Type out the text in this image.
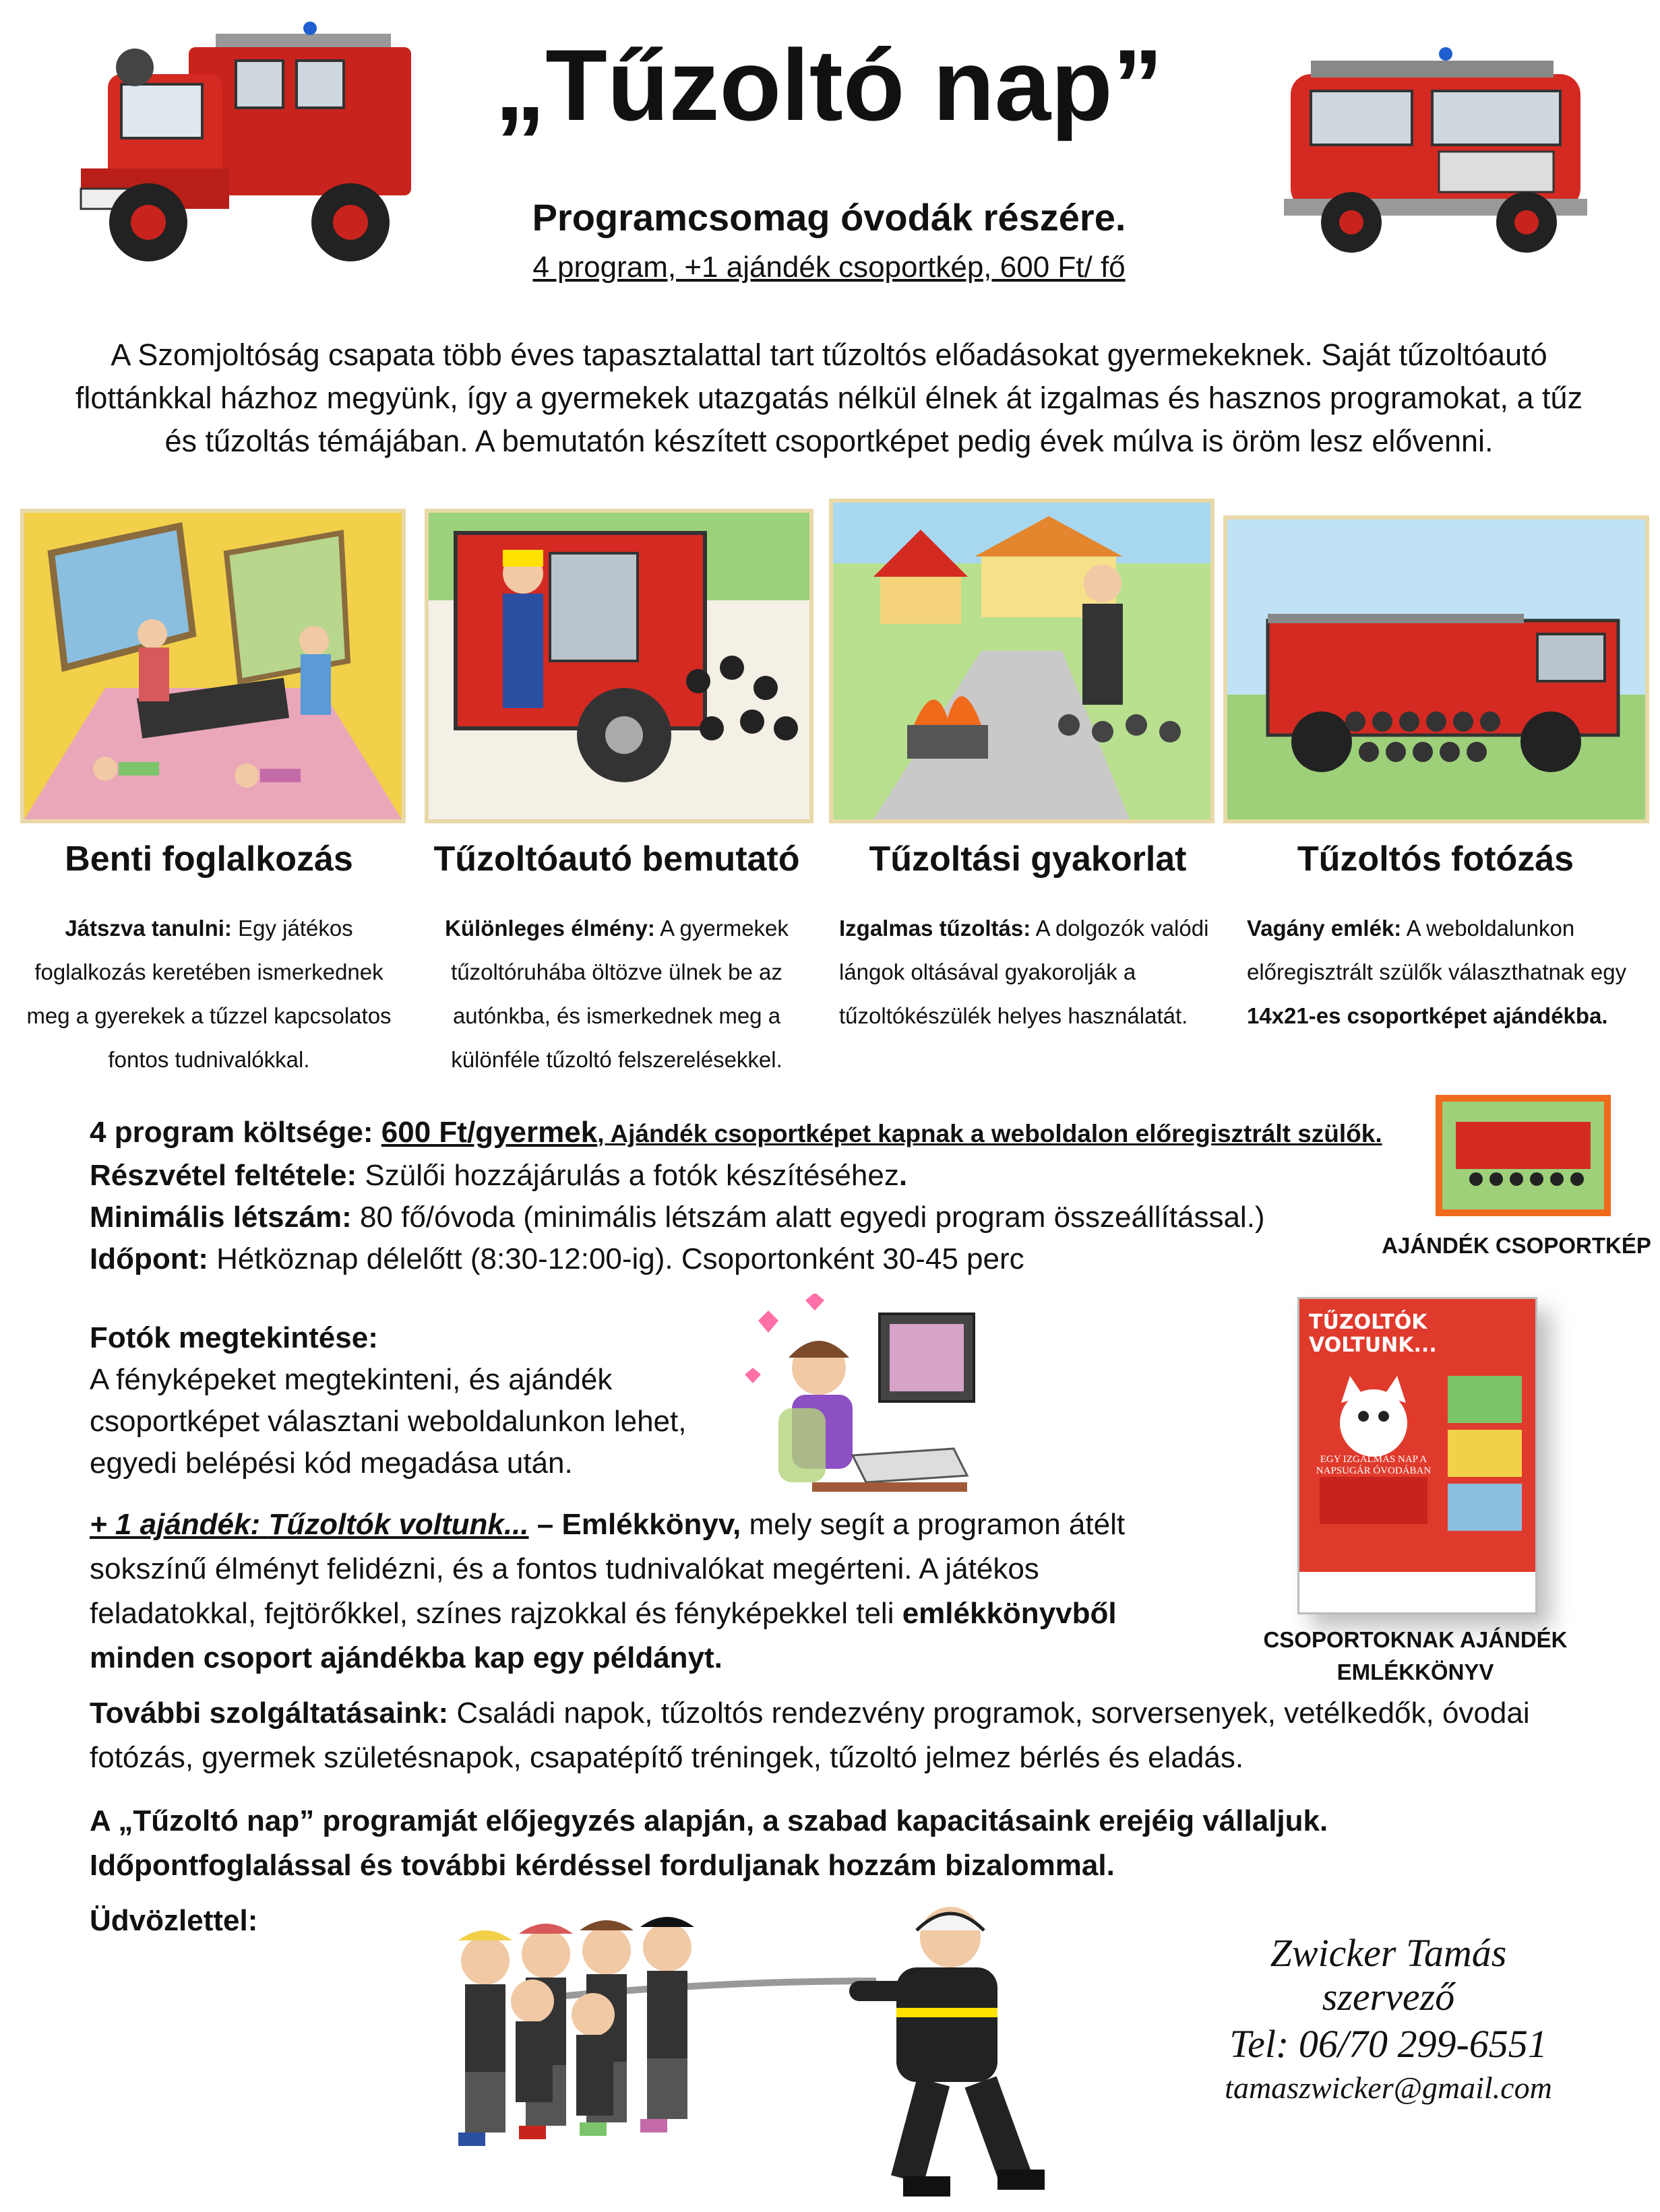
„Tűzoltó nap”
Programcsomag óvodák részére.
4 program, +1 ajándék csoportkép, 600 Ft/ fő
A Szomjoltóság csapata több éves tapasztalattal tart tűzoltós előadásokat gyermekeknek. Saját tűzoltóautó flottánkkal házhoz megyünk, így a gyermekek utazgatás nélkül élnek át izgalmas és hasznos programokat, a tűz és tűzoltás témájában. A bemutatón készített csoportképet pedig évek múlva is öröm lesz elővenni.
Benti foglalkozás	Tűzoltóautó bemutató	Tűzoltási gyakorlat	Tűzoltós fotózás
Játszva tanulni: Egy játékos foglalkozás keretében ismerkednek meg a gyerekek a tűzzel kapcsolatos fontos tudnivalókkal.
Különleges élmény: A gyermekek tűzoltóruhába öltözve ülnek be az autónkba, és ismerkednek meg a különféle tűzoltó felszerelésekkel.
Izgalmas tűzoltás: A dolgozók valódi lángok oltásával gyakorolják a tűzoltókészülék helyes használatát.
Vagány emlék: A weboldalunkon előregisztrált szülők választhatnak egy 14x21-es csoportképet ajándékba.
4 program költsége: 600 Ft/gyermek, Ajándék csoportképet kapnak a weboldalon előregisztrált szülők.
Részvétel feltétele: Szülői hozzájárulás a fotók készítéséhez.
Minimális létszám: 80 fő/óvoda (minimális létszám alatt egyedi program összeállítással.)
Időpont: Hétköznap délelőtt (8:30-12:00-ig). Csoportonként 30-45 perc	AJÁNDÉK CSOPORTKÉP
Fotók megtekintése:
A fényképeket megtekinteni, és ajándék csoportképet választani weboldalunkon lehet, egyedi belépési kód megadása után.
+ 1 ajándék: Tűzoltók voltunk... – Emlékkönyv, mely segít a programon átélt sokszínű élményt felidézni, és a fontos tudnivalókat megérteni. A játékos feladatokkal, fejtörőkkel, színes rajzokkal és fényképekkel teli emlékkönyvből minden csoport ajándékba kap egy példányt.
TŰZOLTÓK VOLTUNK...
EGY IZGALMAS NAP A NAPSUGÁR ÓVODÁBAN
CSOPORTOKNAK AJÁNDÉK EMLÉKKÖNYV
További szolgáltatásaink: Családi napok, tűzoltós rendezvény programok, sorversenyek, vetélkedők, óvodai fotózás, gyermek születésnapok, csapatépítő tréningek, tűzoltó jelmez bérlés és eladás.
A „Tűzoltó nap” programját előjegyzés alapján, a szabad kapacitásaink erejéig vállaljuk. Időpontfoglalással és további kérdéssel forduljanak hozzám bizalommal.
Üdvözlettel:
Zwicker Tamás
szervező
Tel: 06/70 299-6551
tamaszwicker@gmail.com
